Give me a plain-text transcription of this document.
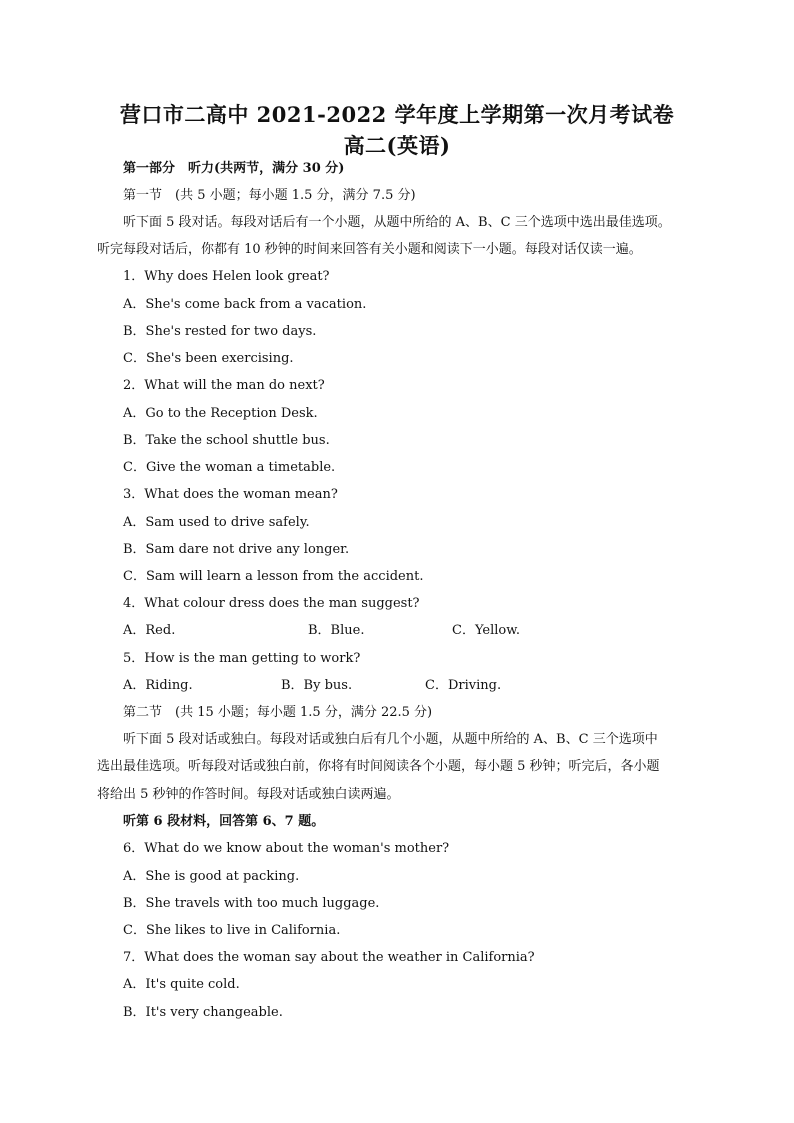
营口市二高中 2021-2022 学年度上学期第一次月考试卷
高二(英语)
第一部分　听力(共两节，满分 30 分)
第一节　(共 5 小题；每小题 1.5 分，满分 7.5 分)
听下面 5 段对话。每段对话后有一个小题，从题中所给的 A、B、C 三个选项中选出最佳选项。
听完每段对话后，你都有 10 秒钟的时间来回答有关小题和阅读下一小题。每段对话仅读一遍。
1．Why does Helen look great?
A．She's come back from a vacation.
B．She's rested for two days.
C．She's been exercising.
2．What will the man do next?
A．Go to the Reception Desk.
B．Take the school shuttle bus.
C．Give the woman a timetable.
3．What does the woman mean?
A．Sam used to drive safely.
B．Sam dare not drive any longer.
C．Sam will learn a lesson from the accident.
4．What colour dress does the man suggest?
A．Red.	B．Blue.	C．Yellow.
5．How is the man getting to work?
A．Riding.	B．By bus.	C．Driving.
第二节　(共 15 小题；每小题 1.5 分，满分 22.5 分)
听下面 5 段对话或独白。每段对话或独白后有几个小题，从题中所给的 A、B、C 三个选项中
选出最佳选项。听每段对话或独白前，你将有时间阅读各个小题，每小题 5 秒钟；听完后，各小题
将给出 5 秒钟的作答时间。每段对话或独白读两遍。
听第 6 段材料，回答第 6、7 题。
6．What do we know about the woman's mother?
A．She is good at packing.
B．She travels with too much luggage.
C．She likes to live in California.
7．What does the woman say about the weather in California?
A．It's quite cold.
B．It's very changeable.
